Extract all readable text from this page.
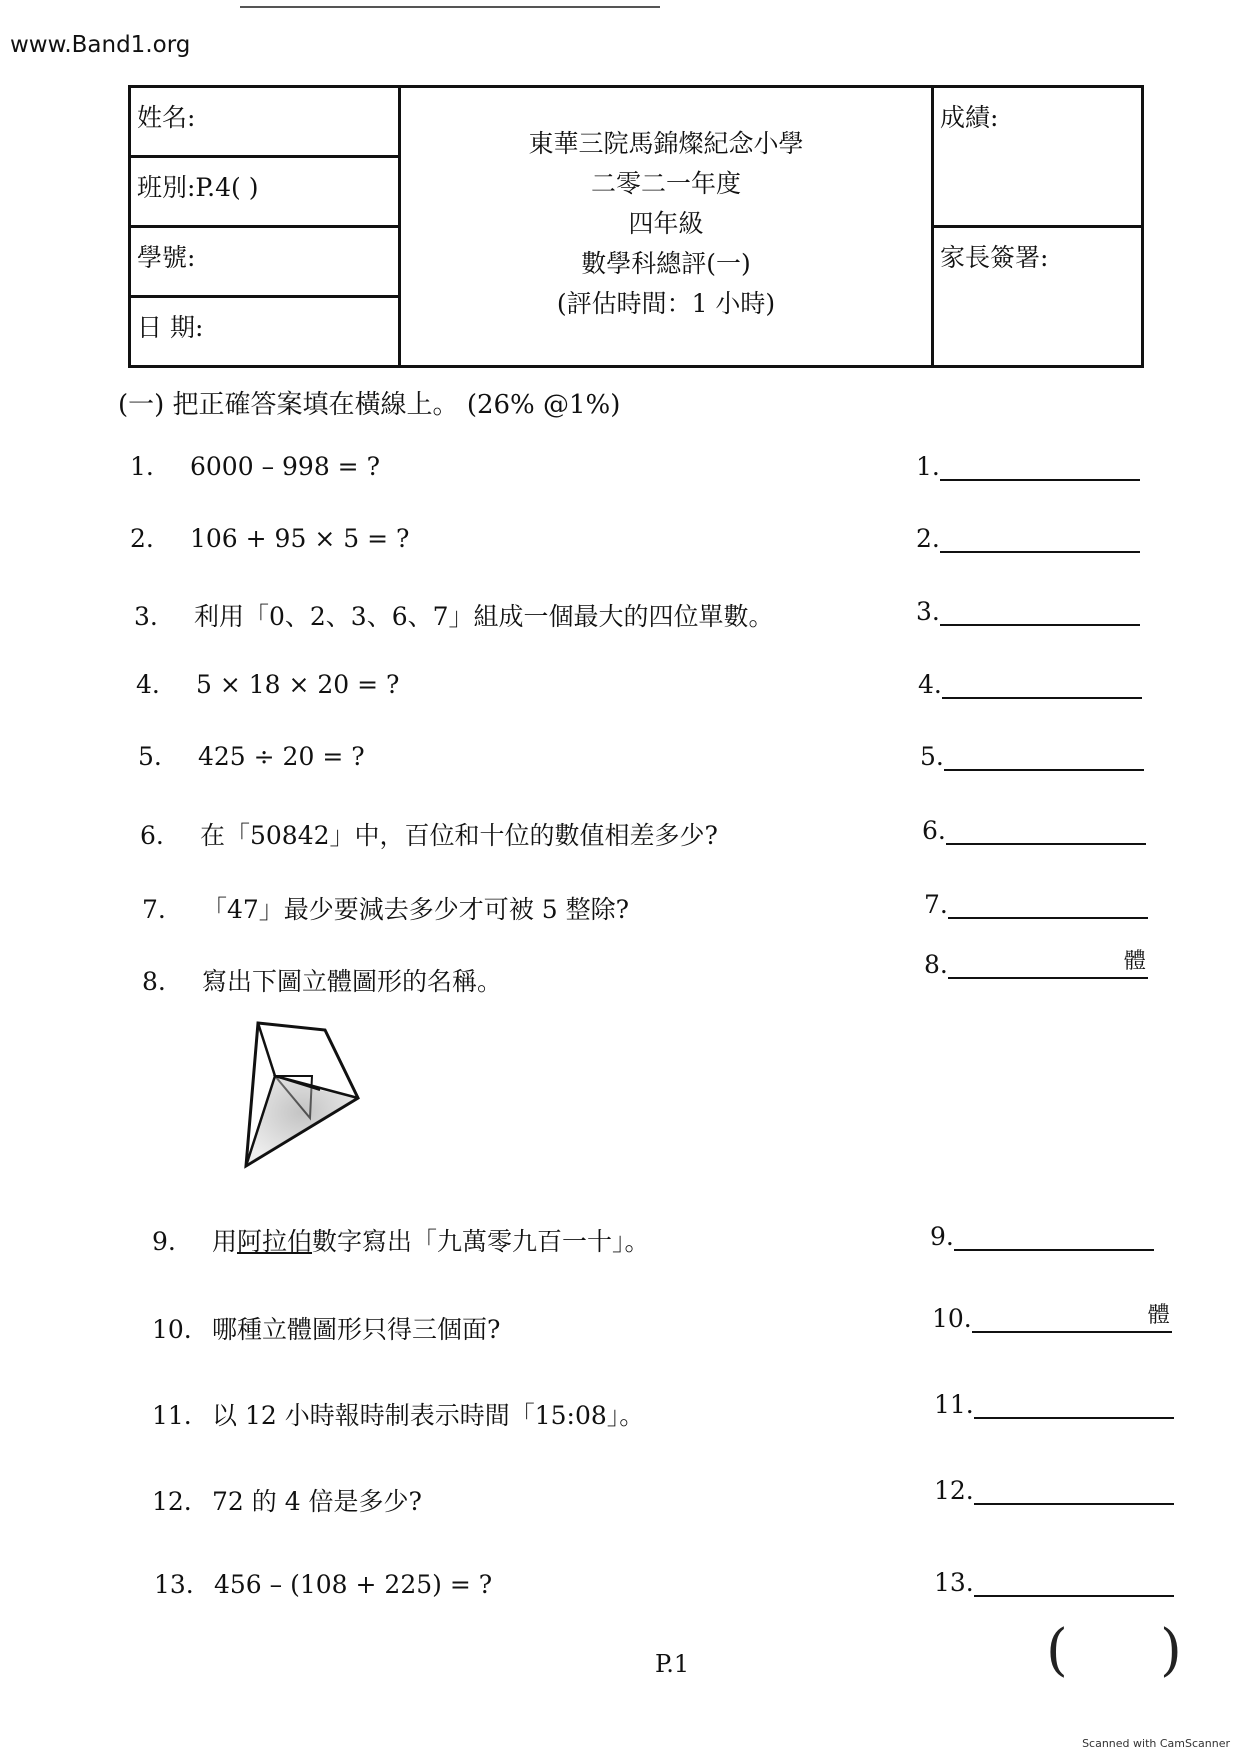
www.Band1.org
姓名:
班別:P.4( )
學號:
日 期:
東華三院馬錦燦紀念小學
二零二一年度
四年級
數學科總評(一)
(評估時間：1 小時)
成績:
家長簽署:
(一) 把正確答案填在橫線上。 (26% @1%)
1. 6000 – 998 = ?	1.
2. 106 + 95 × 5 = ?	2.
3. 利用「0、2、3、6、7」組成一個最大的四位單數。	3.
4. 5 × 18 × 20 = ?	4.
5. 425 ÷ 20 = ?	5.
6. 在「50842」中，百位和十位的數值相差多少?	6.
7. 「47」最少要減去多少才可被 5 整除?	7.
8. 寫出下圖立體圖形的名稱。
8.	體
9. 用阿拉伯數字寫出「九萬零九百一十」。	9.
10. 哪種立體圖形只得三個面?	10.	體
11. 以 12 小時報時制表示時間「15:08」。	11.
12. 72 的 4 倍是多少?	12.
13. 456 – (108 + 225) = ?	13.
P.1	( )
Scanned with CamScanner
